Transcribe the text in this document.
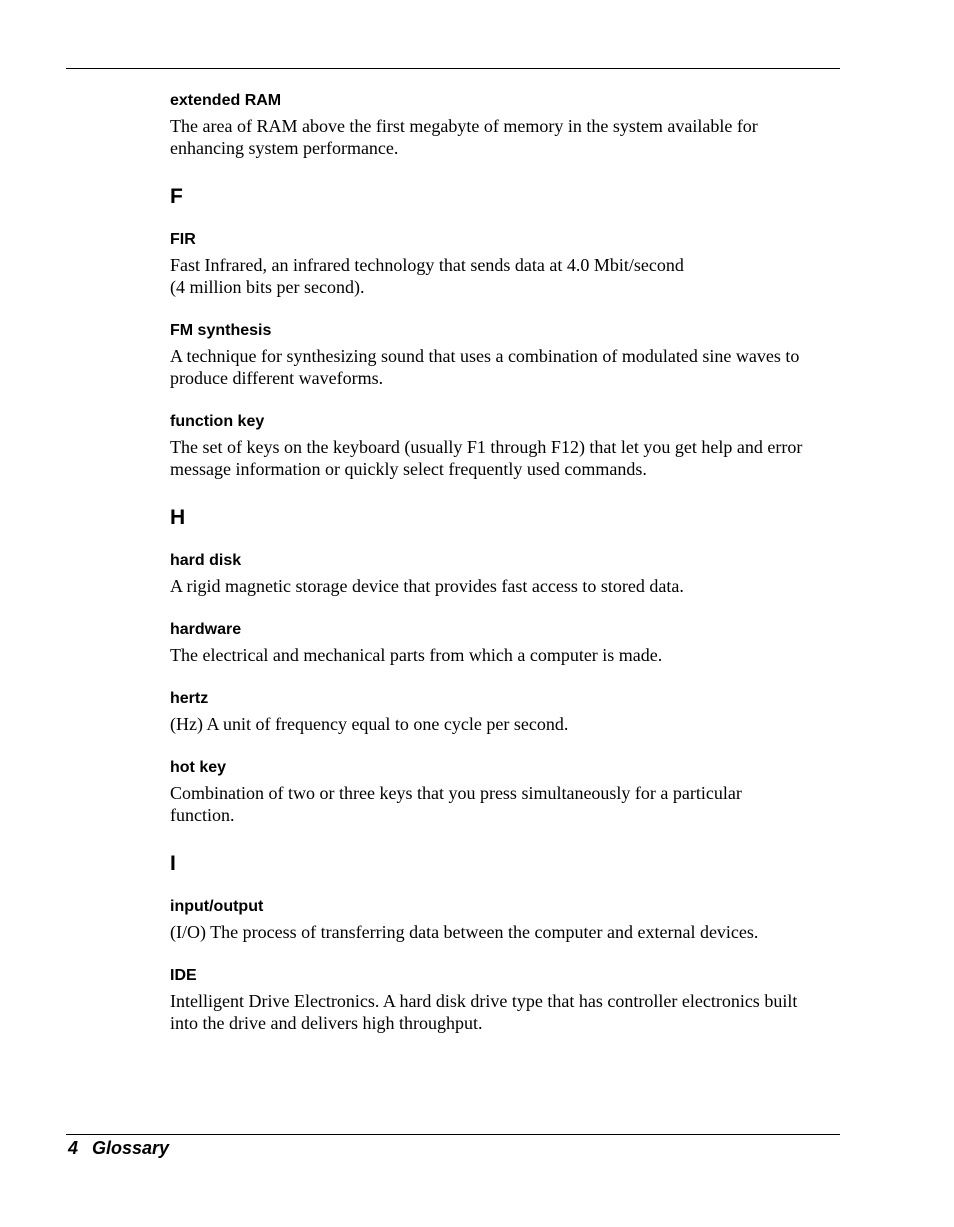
extended RAM

The area of RAM above the first megabyte of memory in the system available for
enhancing system performance.

F
FIR

Fast Infrared, an infrared technology that sends data at 4.0 Mbit/second
(4 million bits per second).

FM synthesis

A technique for synthesizing sound that uses a combination of modulated sine waves to
produce different waveforms.

function key

The set of keys on the keyboard (usually F1 through F12) that let you get help and error
message information or quickly select frequently used commands.

H
hard disk

A rigid magnetic storage device that provides fast access to stored data.

hardware

The electrical and mechanical parts from which a computer is made.

hertz

(Hz) A unit of frequency equal to one cycle per second.

hot key

Combination of two or three keys that you press simultaneously for a particular
function.

I
input/output

(I/O) The process of transferring data between the computer and external devices.

IDE

Intelligent Drive Electronics. A hard disk drive type that has controller electronics built
into the drive and delivers high throughput.

4 Glossary
